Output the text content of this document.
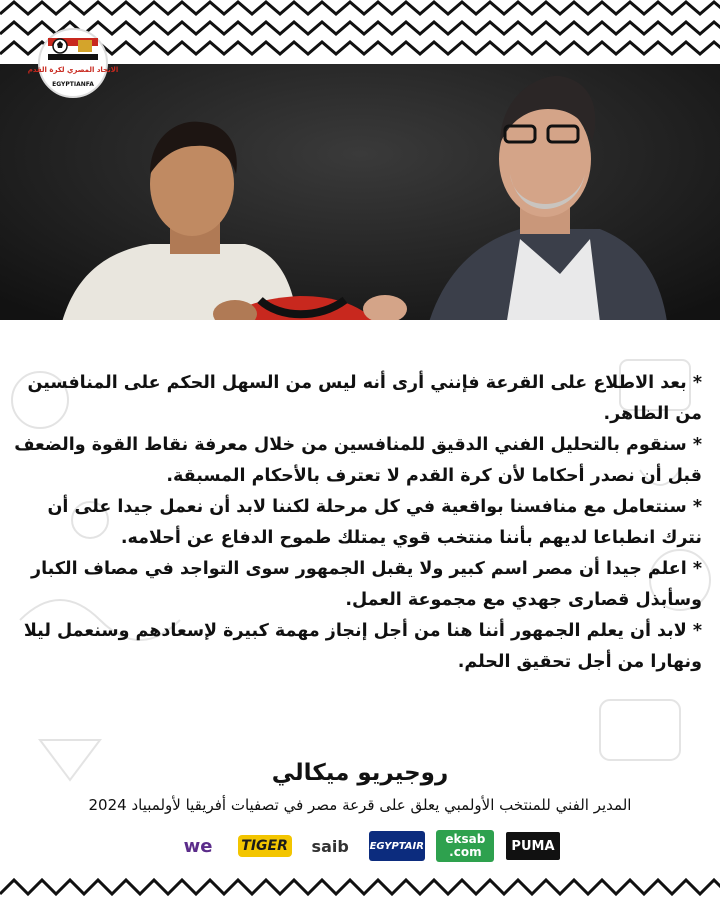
الاتحاد المصري لكرة القدم
EGYPTIANFA

* بعد الاطلاع على القرعة فإنني أرى أنه ليس من السهل الحكم على المنافسين من الظاهر.

* سنقوم بالتحليل الفني الدقيق للمنافسين من خلال معرفة نقاط القوة والضعف قبل أن نصدر أحكاما لأن كرة القدم لا تعترف بالأحكام المسبقة.

* سنتعامل مع منافسنا بواقعية في كل مرحلة لكننا لابد أن نعمل جيدا على أن نترك انطباعا لديهم بأننا منتخب قوي يمتلك طموح الدفاع عن أحلامه.

* اعلم جيدا أن مصر اسم كبير ولا يقبل الجمهور سوى التواجد في مصاف الكبار وسأبذل قصارى جهدي مع مجموعة العمل.

* لابد أن يعلم الجمهور أننا هنا من أجل إنجاز مهمة كبيرة لإسعادهم وسنعمل ليلا ونهارا من أجل تحقيق الحلم.

روجيريو ميكالي
المدير الفني للمنتخب الأولمبي يعلق على قرعة مصر في تصفيات أفريقيا لأولمبياد 2024
we TIGER saib EGYPTAIR eksab
.com PUMA
